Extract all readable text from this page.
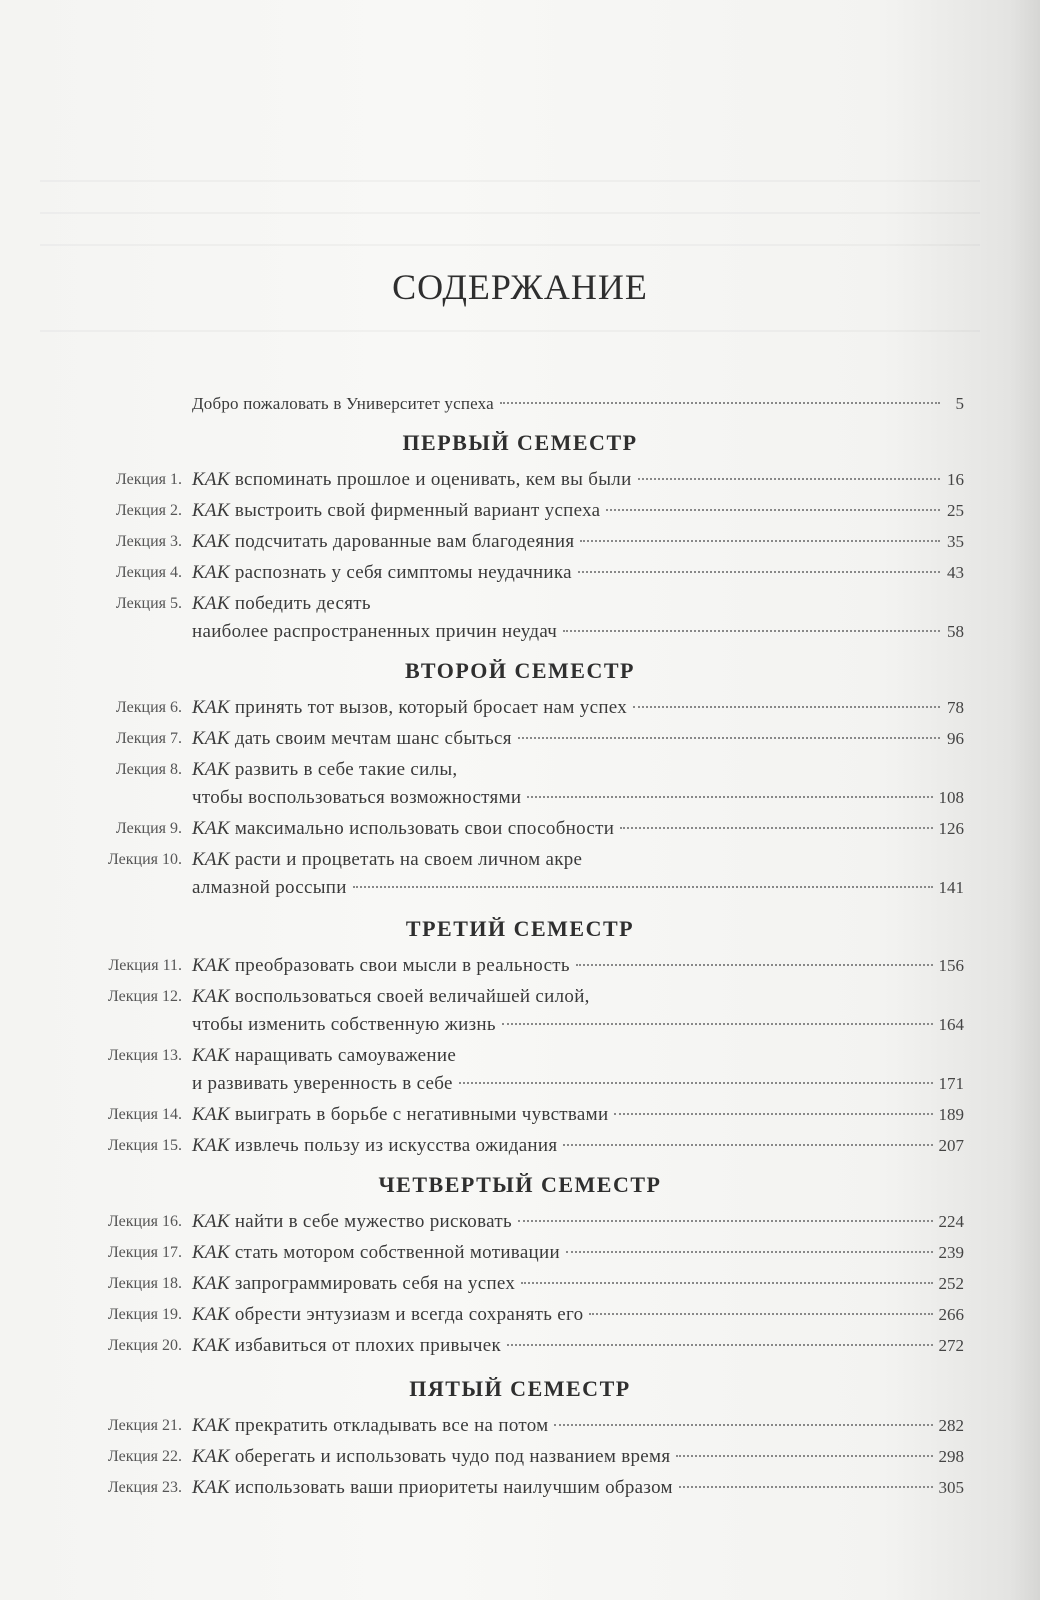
СОДЕРЖАНИЕ
Добро пожаловать в Университет успеха	5
ПЕРВЫЙ СЕМЕСТР
Лекция 1. КАК вспоминать прошлое и оценивать, кем вы были	16
Лекция 2. КАК выстроить свой фирменный вариант успеха	25
Лекция 3. КАК подсчитать дарованные вам благодеяния	35
Лекция 4. КАК распознать у себя симптомы неудачника	43
Лекция 5. КАК победить десять
наиболее распространенных причин неудач	58
ВТОРОЙ СЕМЕСТР
Лекция 6. КАК принять тот вызов, который бросает нам успех	78
Лекция 7. КАК дать своим мечтам шанс сбыться	96
Лекция 8. КАК развить в себе такие силы,
чтобы воспользоваться возможностями	108
Лекция 9. КАК максимально использовать свои способности	126
Лекция 10. КАК расти и процветать на своем личном акре
алмазной россыпи	141
ТРЕТИЙ СЕМЕСТР
Лекция 11. КАК преобразовать свои мысли в реальность	156
Лекция 12. КАК воспользоваться своей величайшей силой,
чтобы изменить собственную жизнь	164
Лекция 13. КАК наращивать самоуважение
и развивать уверенность в себе	171
Лекция 14. КАК выиграть в борьбе с негативными чувствами	189
Лекция 15. КАК извлечь пользу из искусства ожидания	207
ЧЕТВЕРТЫЙ СЕМЕСТР
Лекция 16. КАК найти в себе мужество рисковать	224
Лекция 17. КАК стать мотором собственной мотивации	239
Лекция 18. КАК запрограммировать себя на успех	252
Лекция 19. КАК обрести энтузиазм и всегда сохранять его	266
Лекция 20. КАК избавиться от плохих привычек	272
ПЯТЫЙ СЕМЕСТР
Лекция 21. КАК прекратить откладывать все на потом	282
Лекция 22. КАК оберегать и использовать чудо под названием время	298
Лекция 23. КАК использовать ваши приоритеты наилучшим образом	305
